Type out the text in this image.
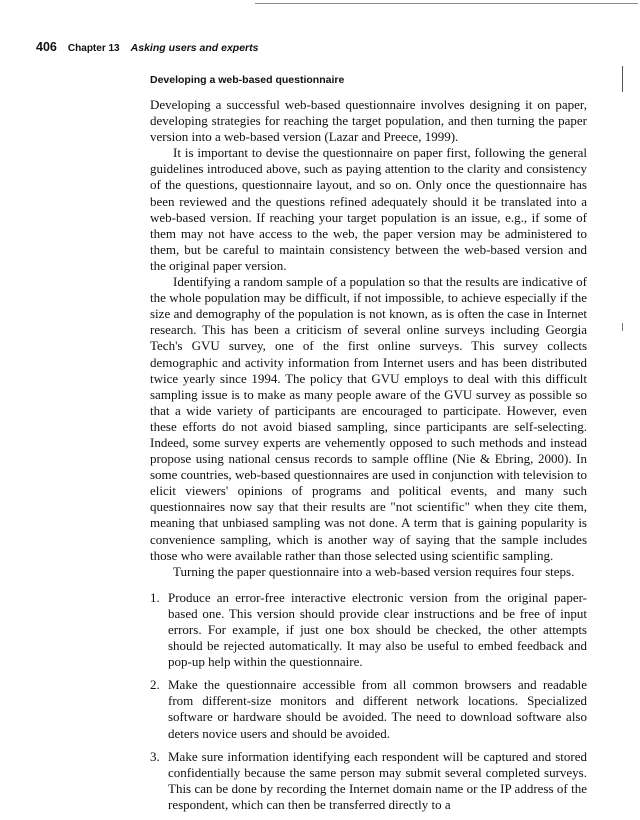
406 Chapter 13 Asking users and experts
Developing a web-based questionnaire

Developing a successful web-based questionnaire involves designing it on paper, developing strategies for reaching the target population, and then turning the paper version into a web-based version (Lazar and Preece, 1999).

It is important to devise the questionnaire on paper first, following the general guidelines introduced above, such as paying attention to the clarity and consistency of the questions, questionnaire layout, and so on. Only once the questionnaire has been reviewed and the questions refined adequately should it be translated into a web-based version. If reaching your target population is an issue, e.g., if some of them may not have access to the web, the paper version may be administered to them, but be careful to maintain consistency between the web-based version and the original paper version.

Identifying a random sample of a population so that the results are indicative of the whole population may be difficult, if not impossible, to achieve especially if the size and demography of the population is not known, as is often the case in Internet research. This has been a criticism of several online surveys including Georgia Tech's GVU survey, one of the first online surveys. This survey collects demographic and activity information from Internet users and has been distributed twice yearly since 1994. The policy that GVU employs to deal with this difficult sampling issue is to make as many people aware of the GVU survey as possible so that a wide variety of participants are encouraged to participate. However, even these efforts do not avoid biased sampling, since participants are self-selecting. Indeed, some survey experts are vehemently opposed to such methods and instead propose using national census records to sample offline (Nie & Ebring, 2000). In some countries, web-based questionnaires are used in conjunction with television to elicit viewers' opinions of programs and political events, and many such questionnaires now say that their results are "not scientific" when they cite them, meaning that unbiased sampling was not done. A term that is gaining popularity is convenience sampling, which is another way of saying that the sample includes those who were available rather than those selected using scientific sampling.

Turning the paper questionnaire into a web-based version requires four steps.

1. Produce an error-free interactive electronic version from the original paper-based one. This version should provide clear instructions and be free of input errors. For example, if just one box should be checked, the other attempts should be rejected automatically. It may also be useful to embed feedback and pop-up help within the questionnaire.

2. Make the questionnaire accessible from all common browsers and readable from different-size monitors and different network locations. Specialized software or hardware should be avoided. The need to download software also deters novice users and should be avoided.

3. Make sure information identifying each respondent will be captured and stored confidentially because the same person may submit several completed surveys. This can be done by recording the Internet domain name or the IP address of the respondent, which can then be transferred directly to a
